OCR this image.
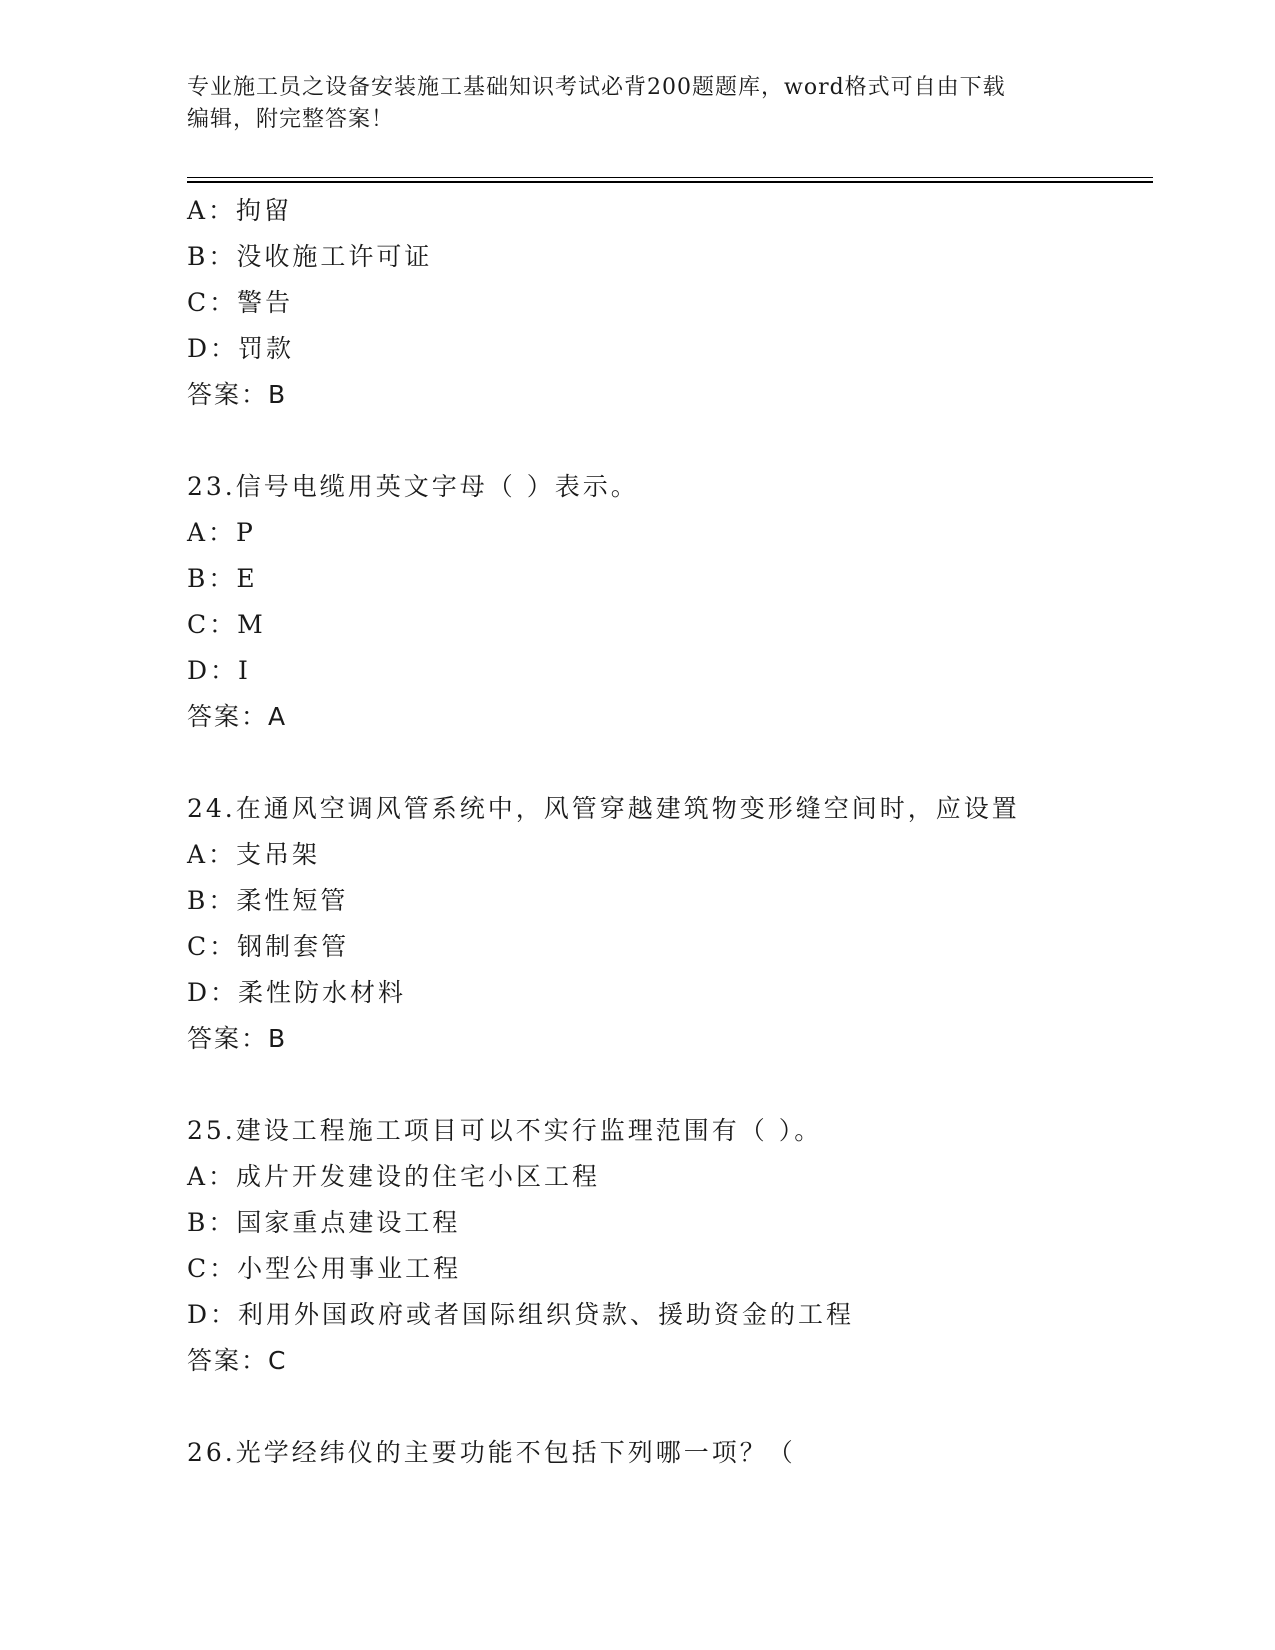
专业施工员之设备安装施工基础知识考试必背200题题库，word格式可自由下载
编辑，附完整答案！
A：拘留
B：没收施工许可证
C：警告
D：罚款
答案：B
23.信号电缆用英文字母（ ）表示。
A：P
B：E
C：M
D：I
答案：A
24.在通风空调风管系统中，风管穿越建筑物变形缝空间时，应设置
A：支吊架
B：柔性短管
C：钢制套管
D：柔性防水材料
答案：B
25.建设工程施工项目可以不实行监理范围有（ ）。
A：成片开发建设的住宅小区工程
B：国家重点建设工程
C：小型公用事业工程
D：利用外国政府或者国际组织贷款、援助资金的工程
答案：C
26.光学经纬仪的主要功能不包括下列哪一项？（
